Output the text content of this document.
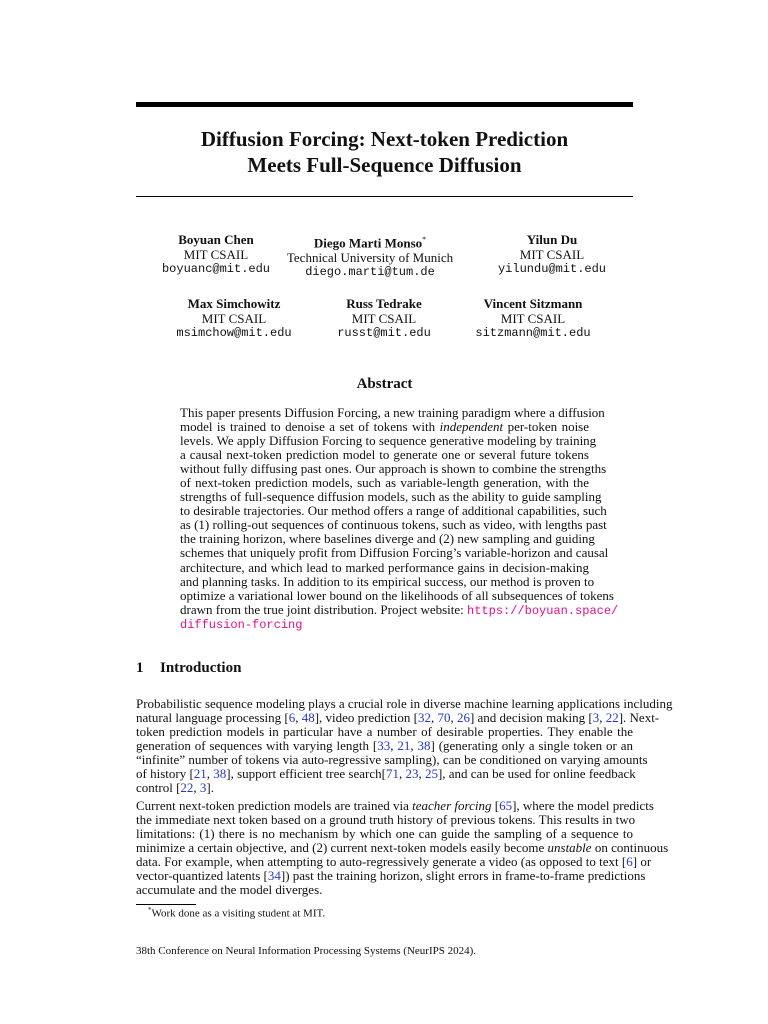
Diffusion Forcing: Next-token Prediction
Meets Full-Sequence Diffusion
Boyuan Chen
MIT CSAIL
boyuanc@mit.edu
Diego Marti Monso*
Technical University of Munich
diego.marti@tum.de
Yilun Du
MIT CSAIL
yilundu@mit.edu
Max Simchowitz
MIT CSAIL
msimchow@mit.edu
Russ Tedrake
MIT CSAIL
russt@mit.edu
Vincent Sitzmann
MIT CSAIL
sitzmann@mit.edu
Abstract
This paper presents Diffusion Forcing, a new training paradigm where a diffusion
model is trained to denoise a set of tokens with independent per-token noise
levels. We apply Diffusion Forcing to sequence generative modeling by training
a causal next-token prediction model to generate one or several future tokens
without fully diffusing past ones. Our approach is shown to combine the strengths
of next-token prediction models, such as variable-length generation, with the
strengths of full-sequence diffusion models, such as the ability to guide sampling
to desirable trajectories. Our method offers a range of additional capabilities, such
as (1) rolling-out sequences of continuous tokens, such as video, with lengths past
the training horizon, where baselines diverge and (2) new sampling and guiding
schemes that uniquely profit from Diffusion Forcing’s variable-horizon and causal
architecture, and which lead to marked performance gains in decision-making
and planning tasks. In addition to its empirical success, our method is proven to
optimize a variational lower bound on the likelihoods of all subsequences of tokens
drawn from the true joint distribution. Project website: https://boyuan.space/
diffusion-forcing
1 Introduction
Probabilistic sequence modeling plays a crucial role in diverse machine learning applications including
natural language processing [6, 48], video prediction [32, 70, 26] and decision making [3, 22]. Next-
token prediction models in particular have a number of desirable properties. They enable the
generation of sequences with varying length [33, 21, 38] (generating only a single token or an
“infinite” number of tokens via auto-regressive sampling), can be conditioned on varying amounts
of history [21, 38], support efficient tree search[71, 23, 25], and can be used for online feedback
control [22, 3].
Current next-token prediction models are trained via teacher forcing [65], where the model predicts
the immediate next token based on a ground truth history of previous tokens. This results in two
limitations: (1) there is no mechanism by which one can guide the sampling of a sequence to
minimize a certain objective, and (2) current next-token models easily become unstable on continuous
data. For example, when attempting to auto-regressively generate a video (as opposed to text [6] or
vector-quantized latents [34]) past the training horizon, slight errors in frame-to-frame predictions
accumulate and the model diverges.
*Work done as a visiting student at MIT.
38th Conference on Neural Information Processing Systems (NeurIPS 2024).
